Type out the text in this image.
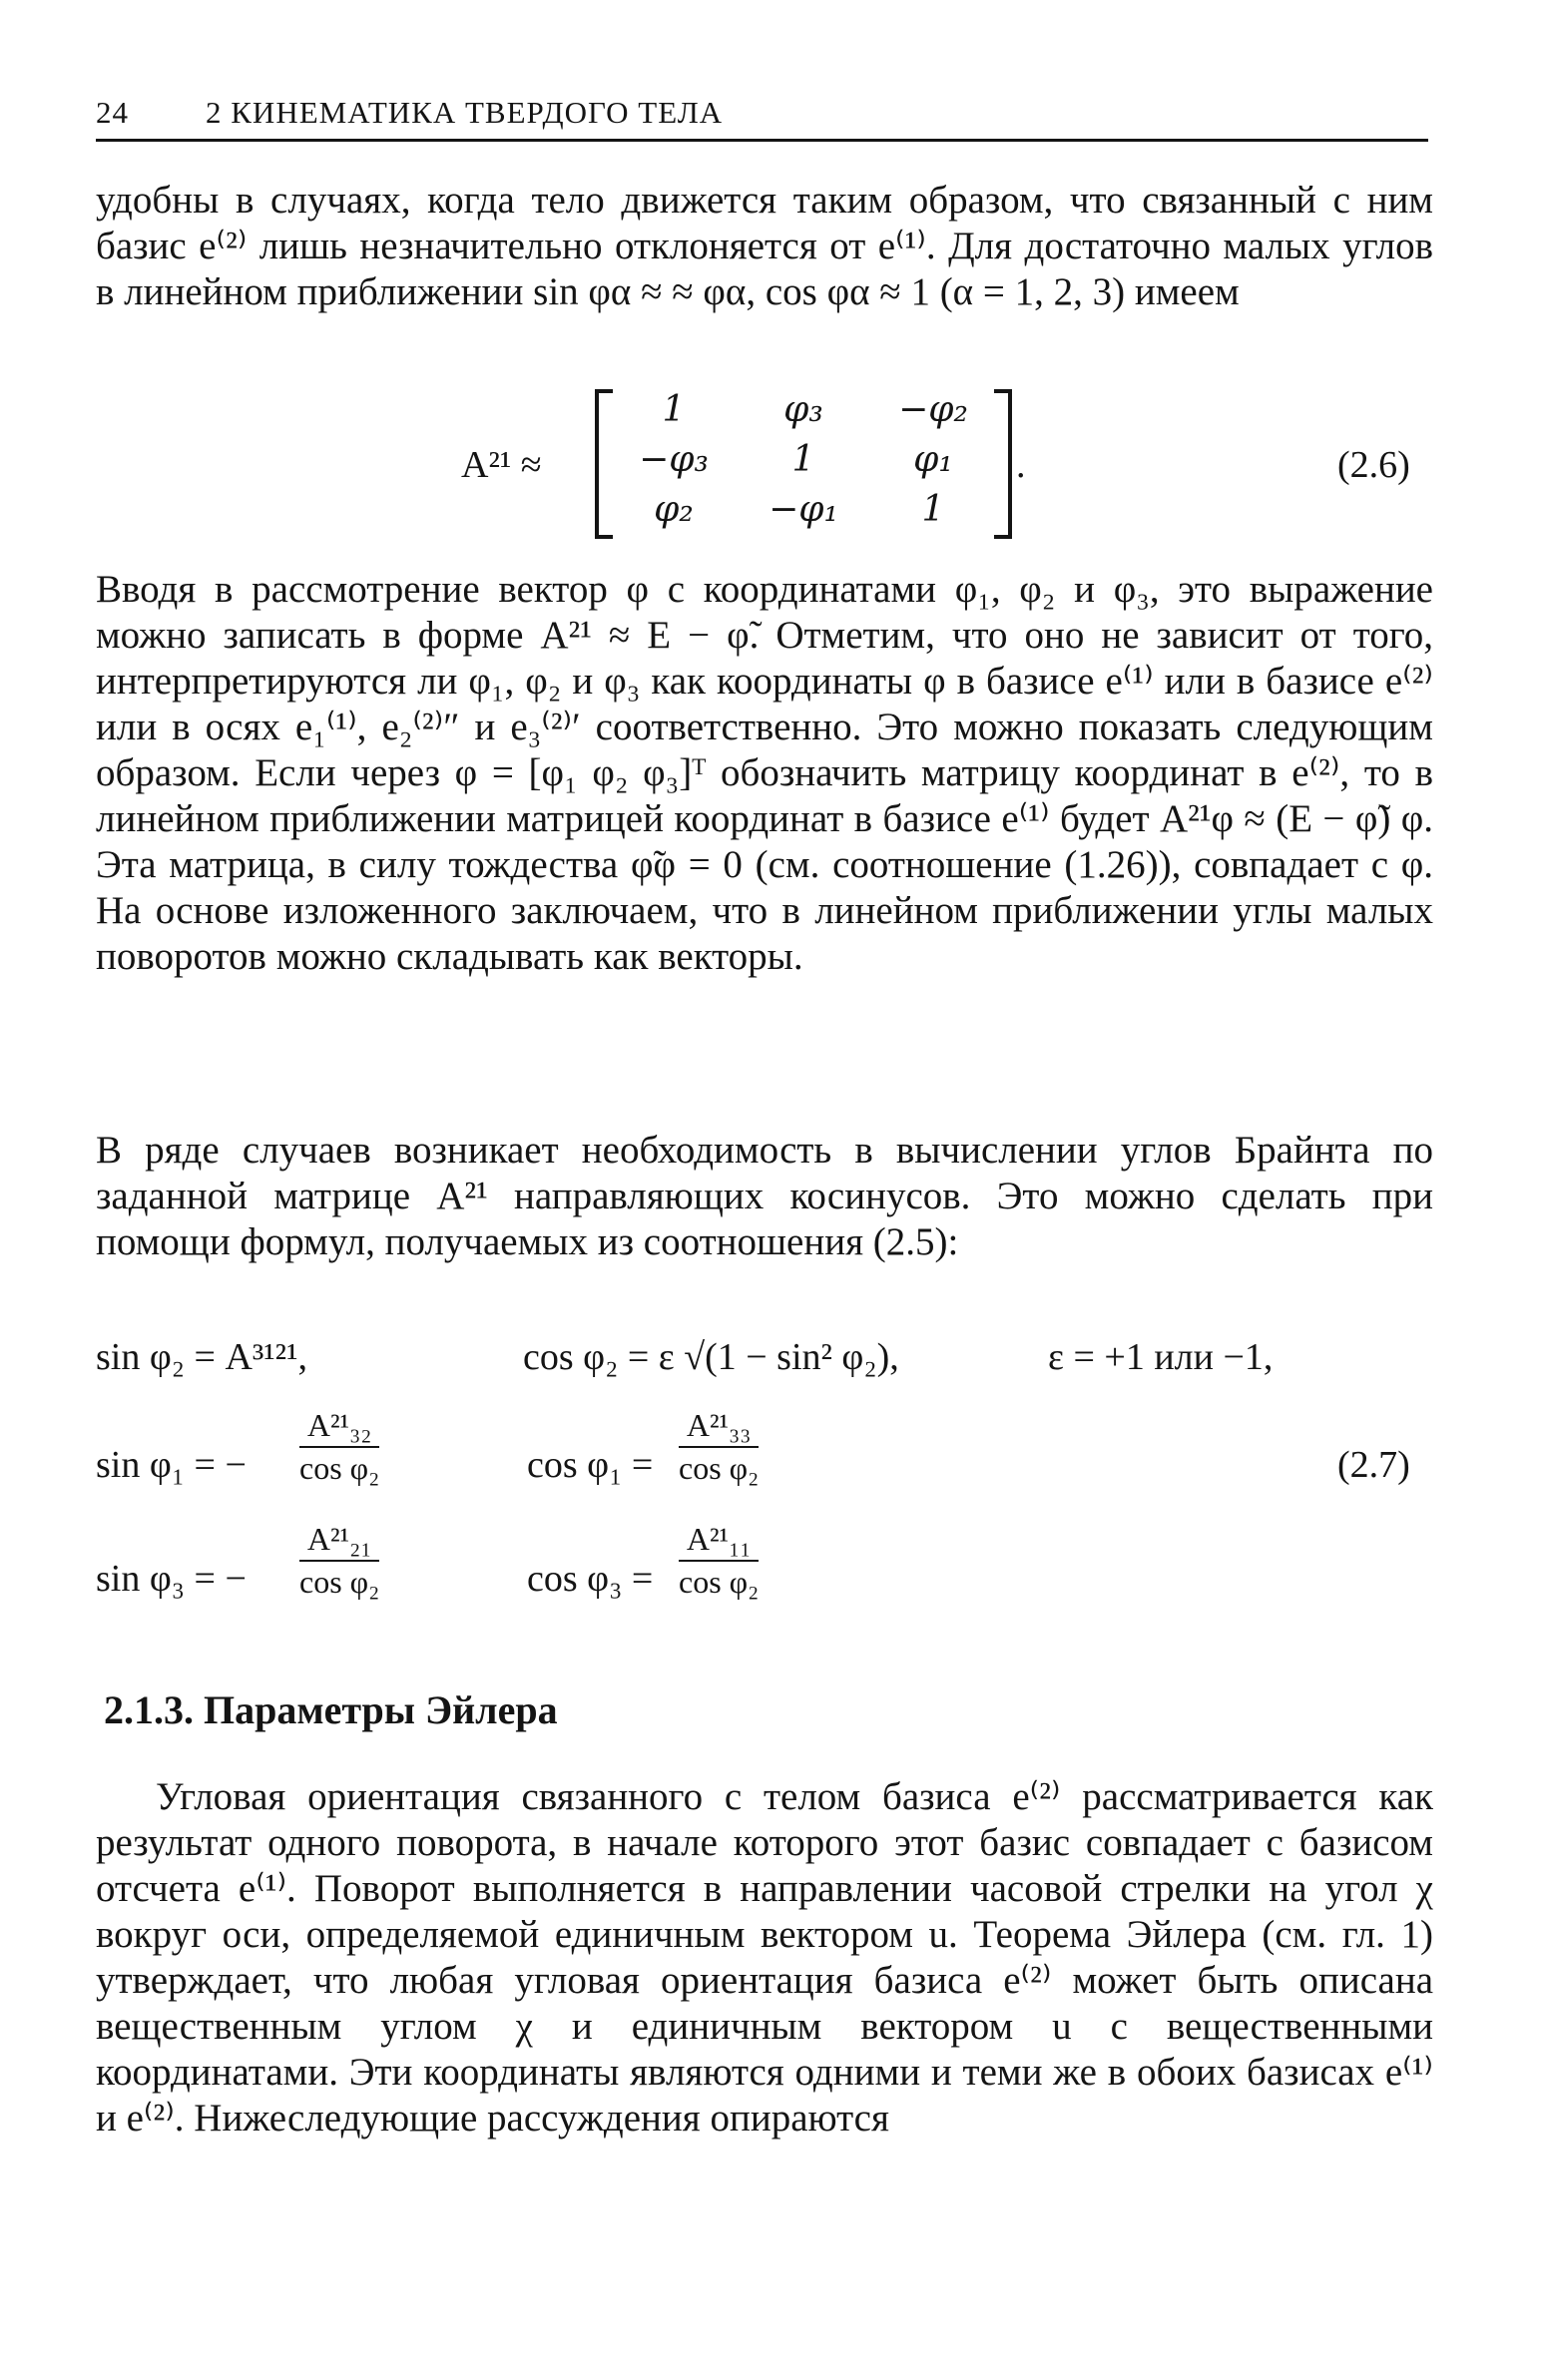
24 2 КИНЕМАТИКА ТВЕРДОГО ТЕЛА

удобны в случаях, когда тело движется таким образом, что связанный с ним базис e⁽²⁾ лишь незначительно отклоняется от e⁽¹⁾. Для достаточно малых углов в линейном приближении sin φα ≈ ≈ φα, cos φα ≈ 1 (α = 1, 2, 3) имеем

A²¹ ≈
1	φ₃	−φ₂
−φ₃	1	φ₁
φ₂	−φ₁	1
.	(2.6)

Вводя в рассмотрение вектор φ с координатами φ₁, φ₂ и φ₃, это выражение можно записать в форме A²¹ ≈ E − φ̃. Отметим, что оно не зависит от того, интерпретируются ли φ₁, φ₂ и φ₃ как координаты φ в базисе e⁽¹⁾ или в базисе e⁽²⁾ или в осях e₁⁽¹⁾, e₂⁽²⁾″ и e₃⁽²⁾′ соответственно. Это можно показать следующим образом. Если через φ = [φ₁ φ₂ φ₃]ᵀ обозначить матрицу координат в e⁽²⁾, то в линейном приближении матрицей координат в базисе e⁽¹⁾ будет A²¹φ ≈ (E − φ̃) φ. Эта матрица, в силу тождества φ̃φ = 0 (см. соотношение (1.26)), совпадает с φ. На основе изложенного заключаем, что в линейном приближении углы малых поворотов можно складывать как векторы.

В ряде случаев возникает необходимость в вычислении углов Брайнта по заданной матрице A²¹ направляющих косинусов. Это можно сделать при помощи формул, получаемых из соотношения (2.5):

sin φ₂ = A³¹²¹,	cos φ₂ = ε √(1 − sin² φ₂),	ε = +1 или −1,
sin φ₁ = − $\frac{\text{A²¹₃₂}}{\text{cos φ₂}}$	$\cos \varphi_1 = \frac{\text{A²¹₃₃}}{\text{cos φ₂}}$	(2.7)
sin φ₃ = − $\frac{\text{A²¹₂₁}}{\text{cos φ₂}}$	$\cos \varphi_3 = \frac{\text{A²¹₁₁}}{\text{cos φ₂}}$
2.1.3. Параметры Эйлера

Угловая ориентация связанного с телом базиса e⁽²⁾ рассматривается как результат одного поворота, в начале которого этот базис совпадает с базисом отсчета e⁽¹⁾. Поворот выполняется в направлении часовой стрелки на угол χ вокруг оси, определяемой единичным вектором u. Теорема Эйлера (см. гл. 1) утверждает, что любая угловая ориентация базиса e⁽²⁾ может быть описана вещественным углом χ и единичным вектором u с вещественными координатами. Эти координаты являются одними и теми же в обоих базисах e⁽¹⁾ и e⁽²⁾. Нижеследующие рассуждения опираются
